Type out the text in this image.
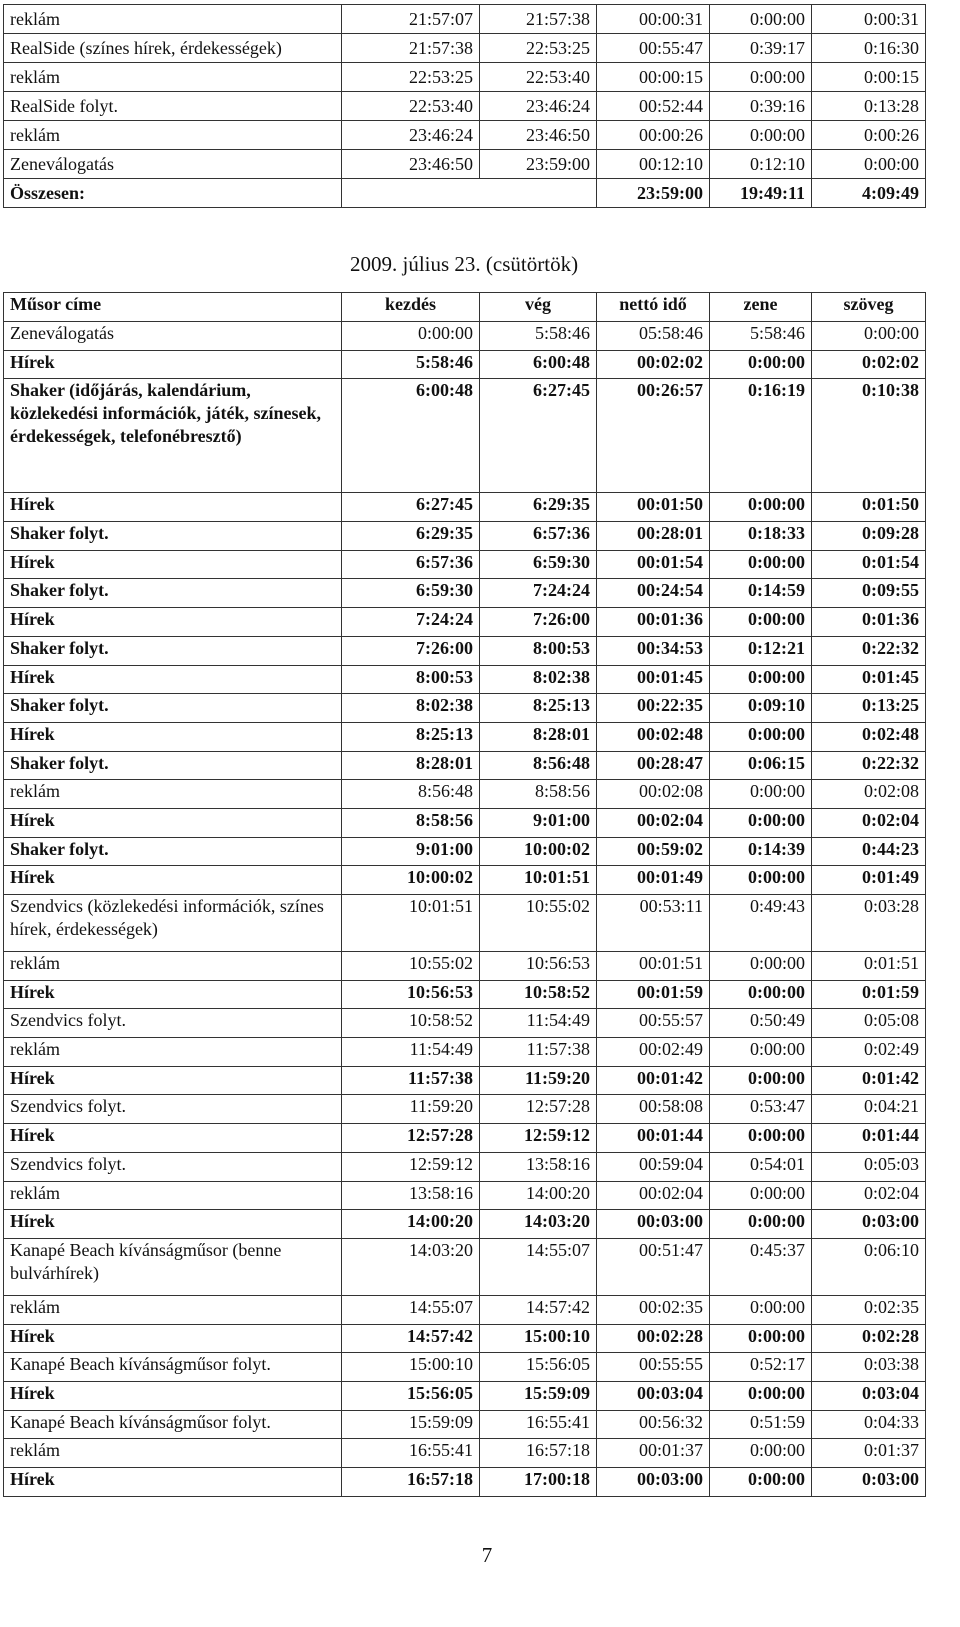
reklám	21:57:07	21:57:38	00:00:31	0:00:00	0:00:31
RealSide (színes hírek, érdekességek)	21:57:38	22:53:25	00:55:47	0:39:17	0:16:30
reklám	22:53:25	22:53:40	00:00:15	0:00:00	0:00:15
RealSide folyt.	22:53:40	23:46:24	00:52:44	0:39:16	0:13:28
reklám	23:46:24	23:46:50	00:00:26	0:00:00	0:00:26
Zeneválogatás	23:46:50	23:59:00	00:12:10	0:12:10	0:00:00
Összesen:			23:59:00	19:49:11	4:09:49
2009. július 23. (csütörtök)
Műsor címe	kezdés	vég	nettó idő	zene	szöveg
Zeneválogatás	0:00:00	5:58:46	05:58:46	5:58:46	0:00:00
Hírek	5:58:46	6:00:48	00:02:02	0:00:00	0:02:02
Shaker (időjárás, kalendárium, közlekedési információk, játék, színesek, érdekességek, telefonébresztő)	6:00:48	6:27:45	00:26:57	0:16:19	0:10:38
Hírek	6:27:45	6:29:35	00:01:50	0:00:00	0:01:50
Shaker folyt.	6:29:35	6:57:36	00:28:01	0:18:33	0:09:28
Hírek	6:57:36	6:59:30	00:01:54	0:00:00	0:01:54
Shaker folyt.	6:59:30	7:24:24	00:24:54	0:14:59	0:09:55
Hírek	7:24:24	7:26:00	00:01:36	0:00:00	0:01:36
Shaker folyt.	7:26:00	8:00:53	00:34:53	0:12:21	0:22:32
Hírek	8:00:53	8:02:38	00:01:45	0:00:00	0:01:45
Shaker folyt.	8:02:38	8:25:13	00:22:35	0:09:10	0:13:25
Hírek	8:25:13	8:28:01	00:02:48	0:00:00	0:02:48
Shaker folyt.	8:28:01	8:56:48	00:28:47	0:06:15	0:22:32
reklám	8:56:48	8:58:56	00:02:08	0:00:00	0:02:08
Hírek	8:58:56	9:01:00	00:02:04	0:00:00	0:02:04
Shaker folyt.	9:01:00	10:00:02	00:59:02	0:14:39	0:44:23
Hírek	10:00:02	10:01:51	00:01:49	0:00:00	0:01:49
Szendvics (közlekedési információk, színes hírek, érdekességek)	10:01:51	10:55:02	00:53:11	0:49:43	0:03:28
reklám	10:55:02	10:56:53	00:01:51	0:00:00	0:01:51
Hírek	10:56:53	10:58:52	00:01:59	0:00:00	0:01:59
Szendvics folyt.	10:58:52	11:54:49	00:55:57	0:50:49	0:05:08
reklám	11:54:49	11:57:38	00:02:49	0:00:00	0:02:49
Hírek	11:57:38	11:59:20	00:01:42	0:00:00	0:01:42
Szendvics folyt.	11:59:20	12:57:28	00:58:08	0:53:47	0:04:21
Hírek	12:57:28	12:59:12	00:01:44	0:00:00	0:01:44
Szendvics folyt.	12:59:12	13:58:16	00:59:04	0:54:01	0:05:03
reklám	13:58:16	14:00:20	00:02:04	0:00:00	0:02:04
Hírek	14:00:20	14:03:20	00:03:00	0:00:00	0:03:00
Kanapé Beach kívánságműsor (benne bulvárhírek)	14:03:20	14:55:07	00:51:47	0:45:37	0:06:10
reklám	14:55:07	14:57:42	00:02:35	0:00:00	0:02:35
Hírek	14:57:42	15:00:10	00:02:28	0:00:00	0:02:28
Kanapé Beach kívánságműsor folyt.	15:00:10	15:56:05	00:55:55	0:52:17	0:03:38
Hírek	15:56:05	15:59:09	00:03:04	0:00:00	0:03:04
Kanapé Beach kívánságműsor folyt.	15:59:09	16:55:41	00:56:32	0:51:59	0:04:33
reklám	16:55:41	16:57:18	00:01:37	0:00:00	0:01:37
Hírek	16:57:18	17:00:18	00:03:00	0:00:00	0:03:00
7
